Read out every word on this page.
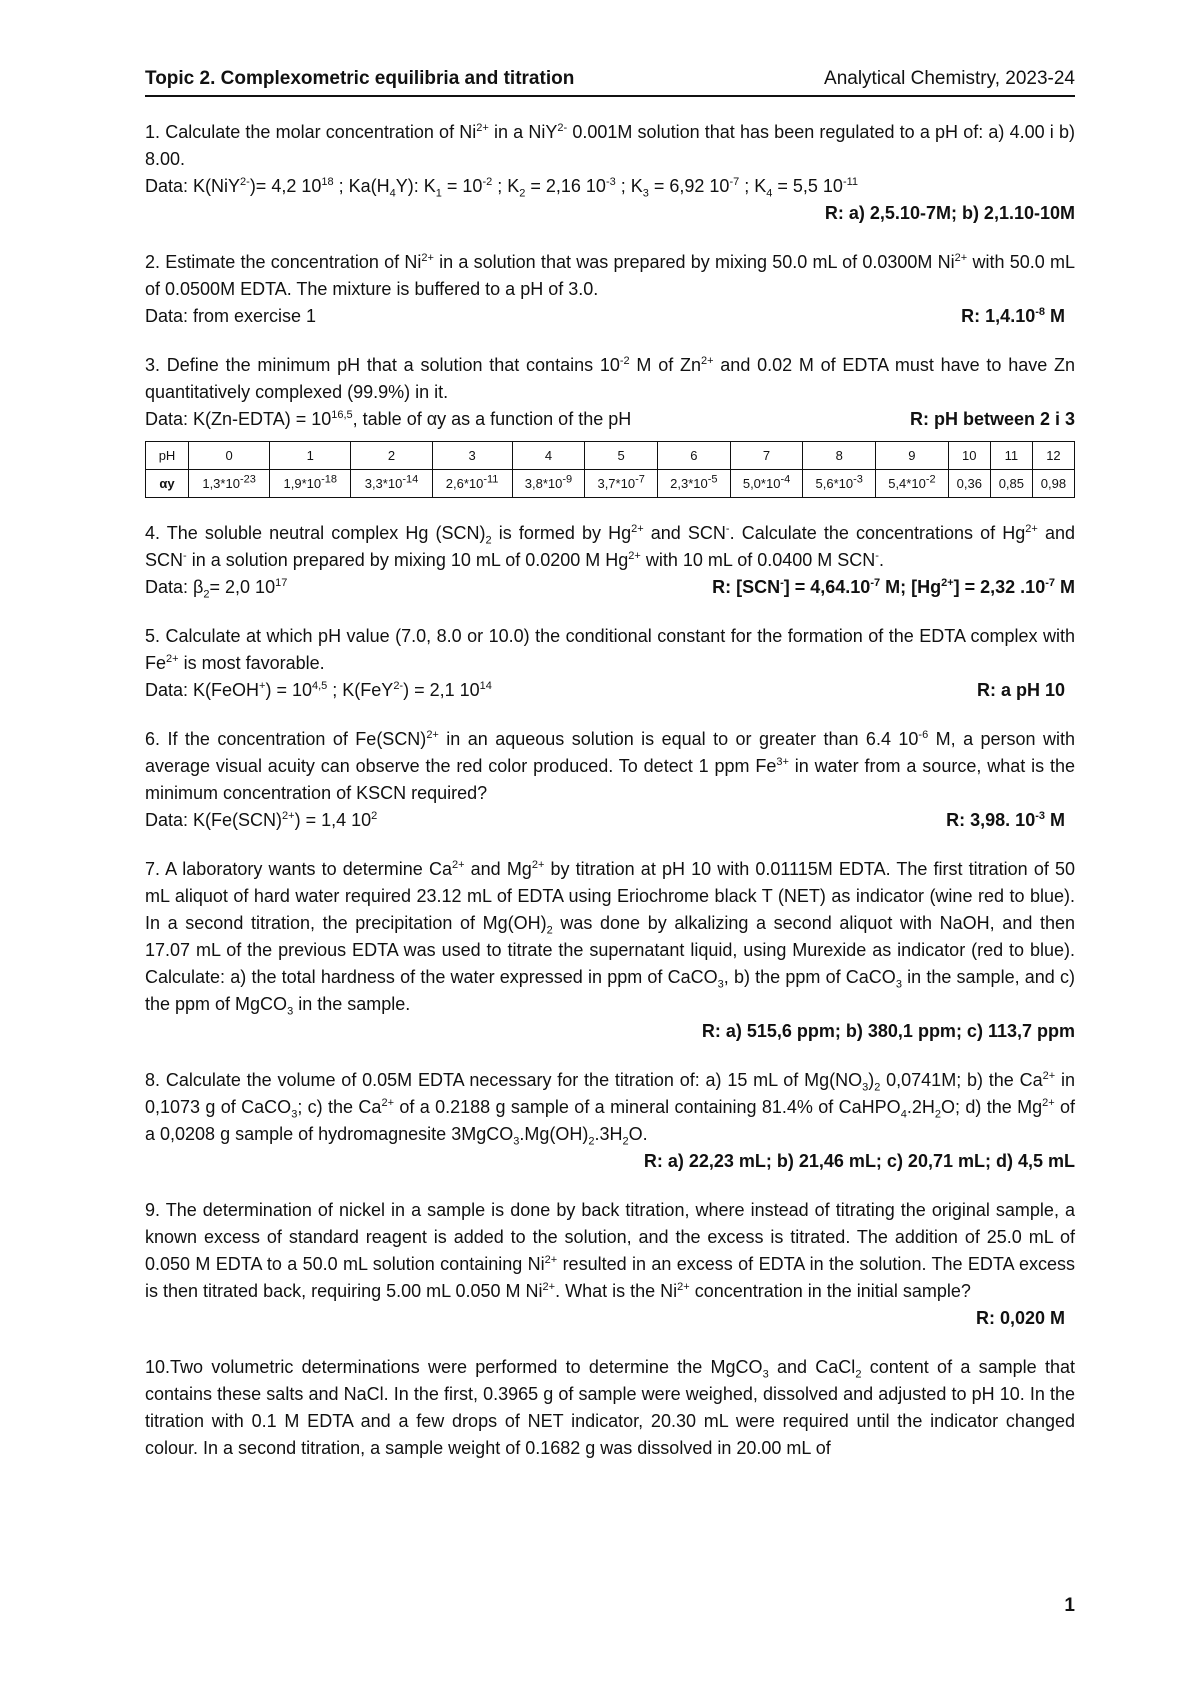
Topic 2. Complexometric equilibria and titration	Analytical Chemistry, 2023-24

1. Calculate the molar concentration of $Ni^{2+}$ in a NiY$^{2-}$ 0.001M solution that has been regulated to a pH of: a) 4.00 i b) 8.00.

Data: K(NiY$^{2-}$)= 4,2 $10^{18}$ ; $Ka(H_4Y)$: $K_1 = 10^{-2}$ ; $K_2 = 2,16$ $10^{-3}$ ; $K_3 = 6,92$ $10^{-7}$ ; $K_4 = 5,5$ $10^{-11}$

R: a) 2,5.10-7M; b) 2,1.10-10M

2. Estimate the concentration of $Ni^{2+}$ in a solution that was prepared by mixing 50.0 mL of 0.0300M $Ni^{2+}$ with 50.0 mL of 0.0500M EDTA. The mixture is buffered to a pH of 3.0.

Data: from exercise 1	R: $1,4.10^{-8}$ M

3. Define the minimum pH that a solution that contains $10^{-2}$ M of $Zn^{2+}$ and 0.02 M of EDTA must have to have Zn quantitatively complexed (99.9%) in it.

Data: K(Zn-EDTA) = $10^{16,5}$, table of αy as a function of the pH	R: pH between 2 i 3
pH	0	1	2	3	4	5	6	7	8	9	10	11	12
αy	$1,3*10^{-23}$	$1,9*10^{-18}$	$3,3*10^{-14}$	$2,6*10^{-11}$	$3,8*10^{-9}$	$3,7*10^{-7}$	$2,3*10^{-5}$	$5,0*10^{-4}$	$5,6*10^{-3}$	$5,4*10^{-2}$	0,36	0,85	0,98

4. The soluble neutral complex Hg $(SCN)_2$ is formed by $Hg^{2+}$ and SCN-. Calculate the concentrations of $Hg^{2+}$ and SCN- in a solution prepared by mixing 10 mL of 0.0200 M $Hg^{2+}$ with 10 mL of 0.0400 M SCN-.

Data: $\beta_2= 2,0$ $10^{17}$	R: $[SCN^-] = 4,64.10^{-7}$ M; $[Hg^{2+}] = 2,32$ $.10^{-7}$ M

5. Calculate at which pH value (7.0, 8.0 or 10.0) the conditional constant for the formation of the EDTA complex with $Fe^{2+}$ is most favorable.

Data: K(FeOH+) = $10^{4,5}$ ; K(FeY$^{2-}$) = 2,1 $10^{14}$	R: a pH 10

6. If the concentration of Fe(SCN)$^{2+}$ in an aqueous solution is equal to or greater than 6.4 $10^{-6}$ M, a person with average visual acuity can observe the red color produced. To detect 1 ppm $Fe^{3+}$ in water from a source, what is the minimum concentration of KSCN required?

Data: K(Fe(SCN)$^{2+}$) = 1,4 $10^2$	R: 3,98. $10^{-3}$ M

7. A laboratory wants to determine $Ca^{2+}$ and $Mg^{2+}$ by titration at pH 10 with 0.01115M EDTA. The first titration of 50 mL aliquot of hard water required 23.12 mL of EDTA using Eriochrome black T (NET) as indicator (wine red to blue). In a second titration, the precipitation of $Mg(OH)_2$ was done by alkalizing a second aliquot with NaOH, and then 17.07 mL of the previous EDTA was used to titrate the supernatant liquid, using Murexide as indicator (red to blue). Calculate: a) the total hardness of the water expressed in ppm of CaCO$_3$, b) the ppm of CaCO$_3$ in the sample, and c) the ppm of MgCO$_3$ in the sample.

R: a) 515,6 ppm; b) 380,1 ppm; c) 113,7 ppm

8. Calculate the volume of 0.05M EDTA necessary for the titration of: a) 15 mL of $Mg(NO_3)_2$ 0,0741M; b) the $Ca^{2+}$ in 0,1073 g of CaCO$_3$; c) the $Ca^{2+}$ of a 0.2188 g sample of a mineral containing 81.4% of $CaHPO_4.2H_2O$; d) the $Mg^{2+}$ of a 0,0208 g sample of hydromagnesite $3MgCO_3.Mg(OH)_2.3H_2O$.

R: a) 22,23 mL; b) 21,46 mL; c) 20,71 mL; d) 4,5 mL

9. The determination of nickel in a sample is done by back titration, where instead of titrating the original sample, a known excess of standard reagent is added to the solution, and the excess is titrated. The addition of 25.0 mL of 0.050 M EDTA to a 50.0 mL solution containing $Ni^{2+}$ resulted in an excess of EDTA in the solution. The EDTA excess is then titrated back, requiring 5.00 mL 0.050 M $Ni^{2+}$. What is the $Ni^{2+}$ concentration in the initial sample?

R: 0,020 M

10.Two volumetric determinations were performed to determine the MgCO$_3$ and CaCl$_2$ content of a sample that contains these salts and NaCl. In the first, 0.3965 g of sample were weighed, dissolved and adjusted to pH 10. In the titration with 0.1 M EDTA and a few drops of NET indicator, 20.30 mL were required until the indicator changed colour. In a second titration, a sample weight of 0.1682 g was dissolved in 20.00 mL of

1
